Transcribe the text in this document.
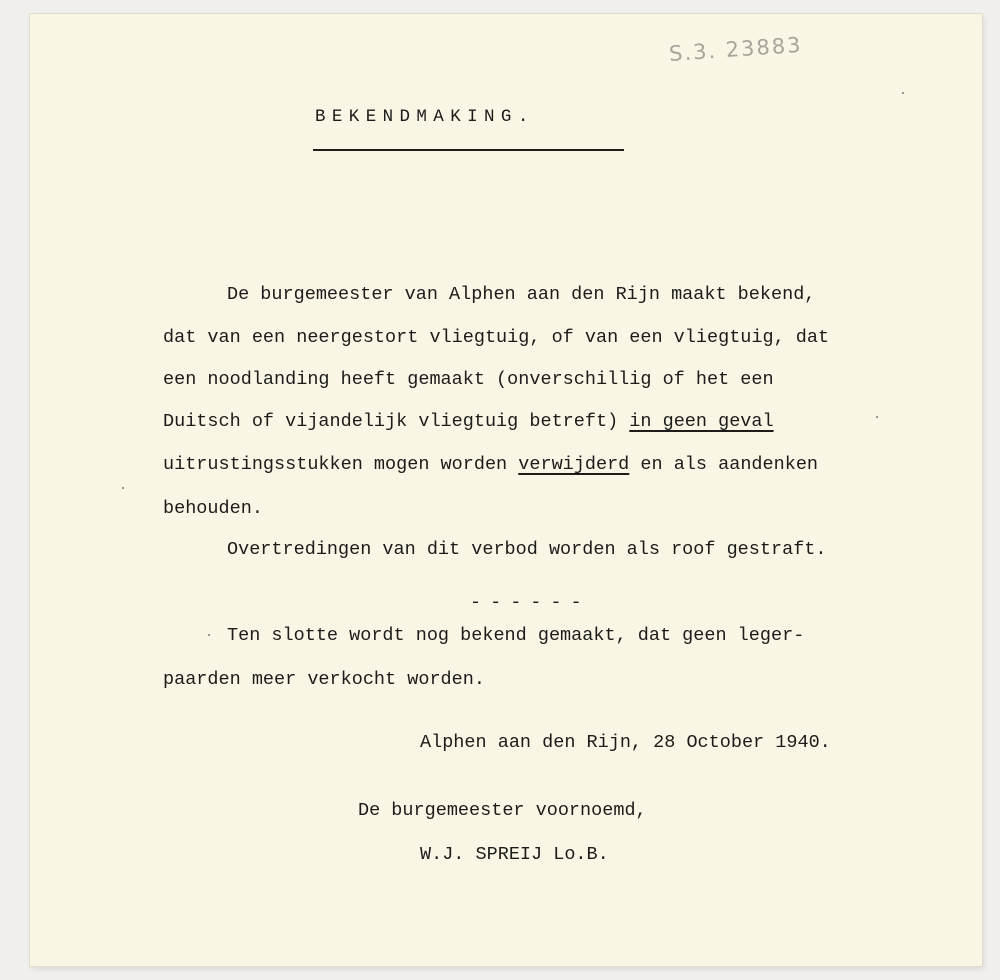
S.3. 23883
BEKENDMAKING.
De burgemeester van Alphen aan den Rijn maakt bekend,
dat van een neergestort vliegtuig, of van een vliegtuig, dat
een noodlanding heeft gemaakt (onverschillig of het een
Duitsch of vijandelijk vliegtuig betreft) in geen geval
uitrustingsstukken mogen worden verwijderd en als aandenken
behouden.
Overtredingen van dit verbod worden als roof gestraft.
------
Ten slotte wordt nog bekend gemaakt, dat geen leger-
paarden meer verkocht worden.
Alphen aan den Rijn, 28 October 1940.
De burgemeester voornoemd,
W.J. SPREIJ Lo.B.
